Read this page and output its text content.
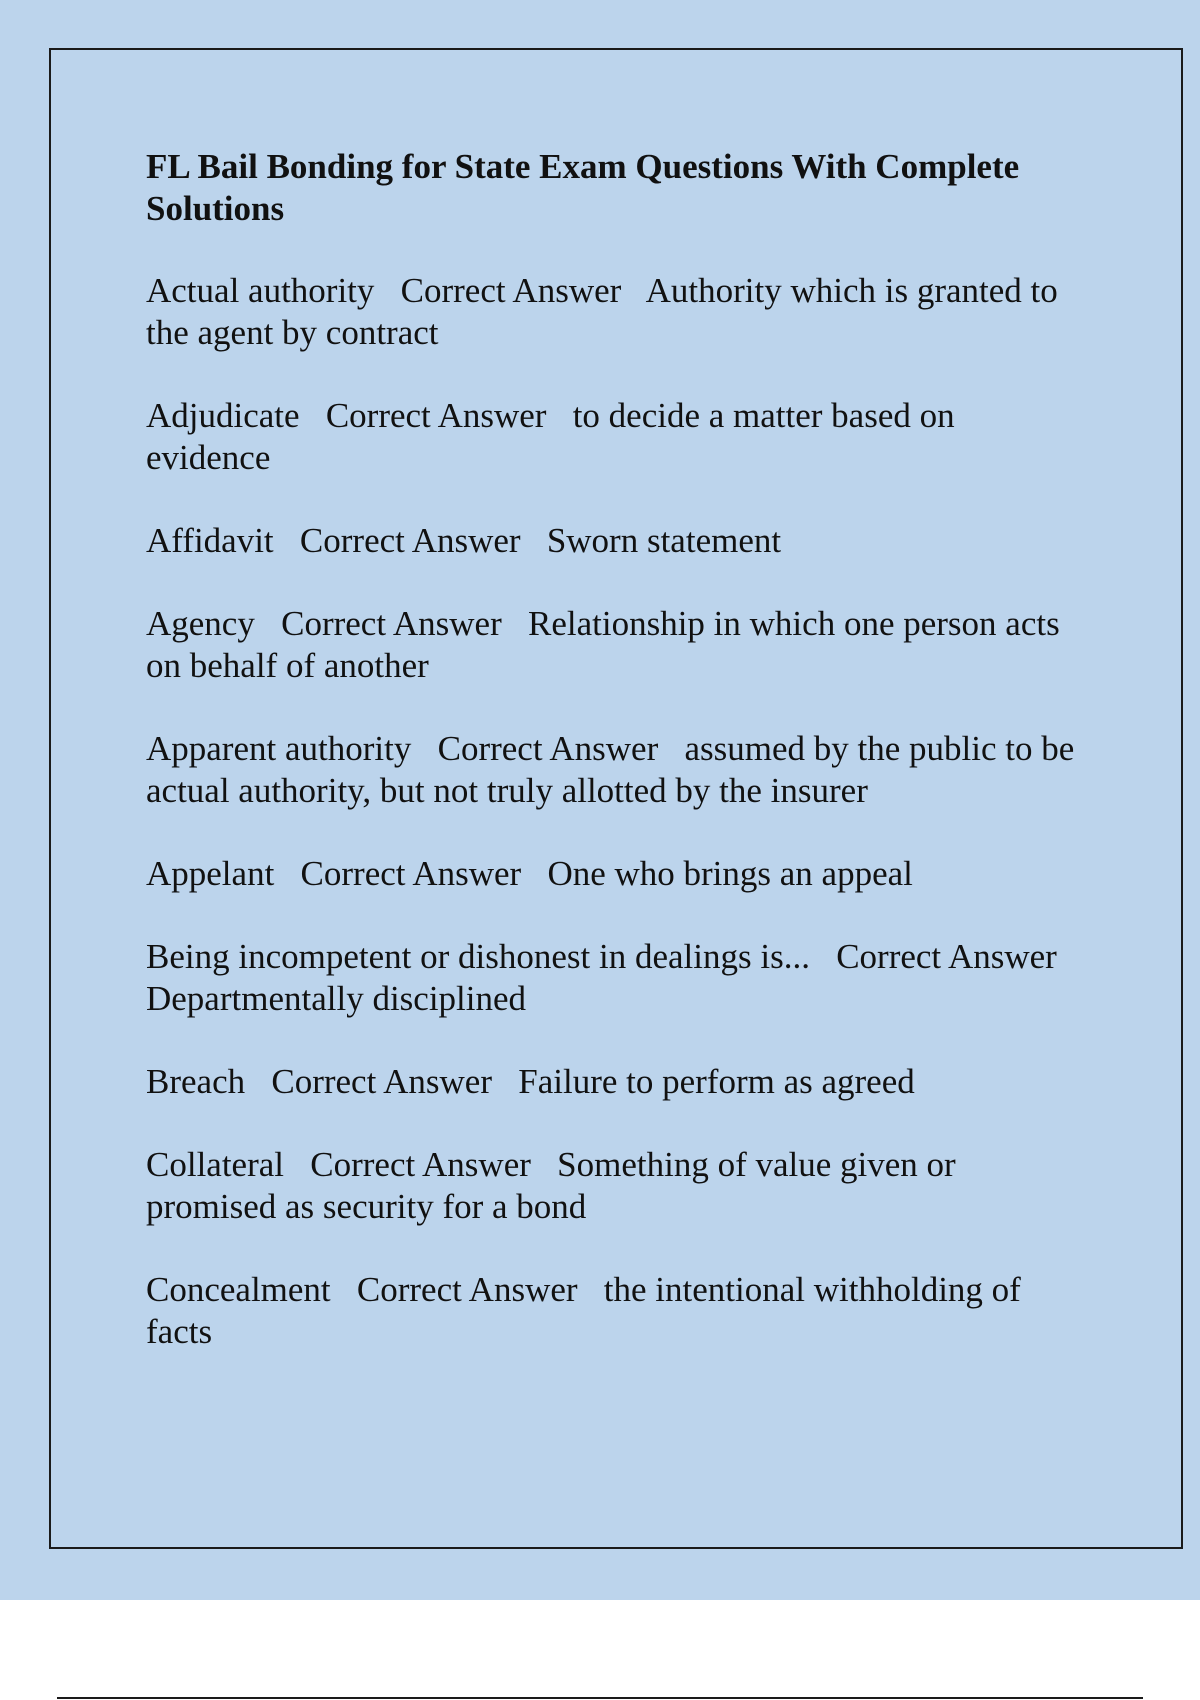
FL Bail Bonding for State Exam Questions With Complete Solutions
Actual authority   Correct Answer   Authority which is granted to the agent by contract
Adjudicate   Correct Answer   to decide a matter based on evidence
Affidavit   Correct Answer   Sworn statement
Agency   Correct Answer   Relationship in which one person acts on behalf of another
Apparent authority   Correct Answer   assumed by the public to be actual authority, but not truly allotted by the insurer
Appelant   Correct Answer   One who brings an appeal
Being incompetent or dishonest in dealings is...   Correct Answer   Departmentally disciplined
Breach   Correct Answer   Failure to perform as agreed
Collateral   Correct Answer   Something of value given or promised as security for a bond
Concealment   Correct Answer   the intentional withholding of facts
